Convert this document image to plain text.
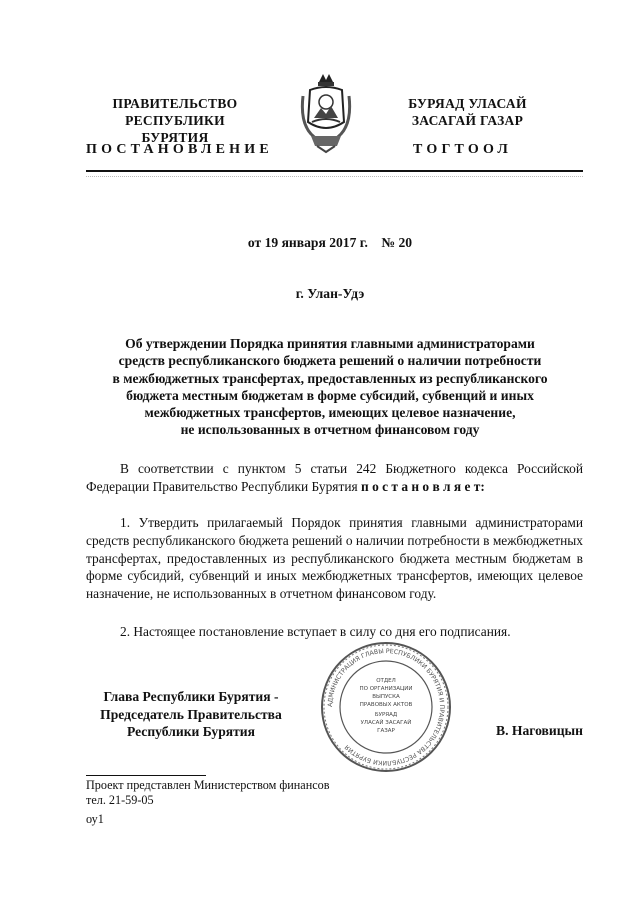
ПРАВИТЕЛЬСТВО
РЕСПУБЛИКИ БУРЯТИЯ
ПОСТАНОВЛЕНИЕ
БУРЯАД УЛАСАЙ
ЗАСАГАЙ ГАЗАР
ТОГТООЛ
от 19 января 2017 г.    № 20
г. Улан-Удэ
Об утверждении Порядка принятия главными администраторами
средств республиканского бюджета решений о наличии потребности
в межбюджетных трансфертах, предоставленных из республиканского
бюджета местным бюджетам в форме субсидий, субвенций и иных
межбюджетных трансфертов, имеющих целевое назначение,
не использованных в отчетном финансовом году
В соответствии с пунктом 5 статьи 242 Бюджетного кодекса Российской Федерации Правительство Республики Бурятия п о с т а н о в л я е т:
1. Утвердить прилагаемый Порядок принятия главными администраторами средств республиканского бюджета решений о наличии потребности в межбюджетных трансфертах, предоставленных из республиканского бюджета местным бюджетам в форме субсидий, субвенций и иных межбюджетных трансфертов, имеющих целевое назначение, не использованных в отчетном финансовом году.
2. Настоящее постановление вступает в силу со дня его подписания.
Глава Республики Бурятия -
Председатель Правительства
Республики Бурятия	В. Наговицын
АДМИНИСТРАЦИЯ ГЛАВЫ РЕСПУБЛИКИ БУРЯТИЯ И ПРАВИТЕЛЬСТВА РЕСПУБЛИКИ БУРЯТИЯ
ОТДЕЛ
ПО ОРГАНИЗАЦИИ
ВЫПУСКА
ПРАВОВЫХ АКТОВ
БУРЯАД
УЛАСАЙ ЗАСАГАЙ
ГАЗАР
Проект представлен Министерством финансов
тел. 21-59-05
оу1
